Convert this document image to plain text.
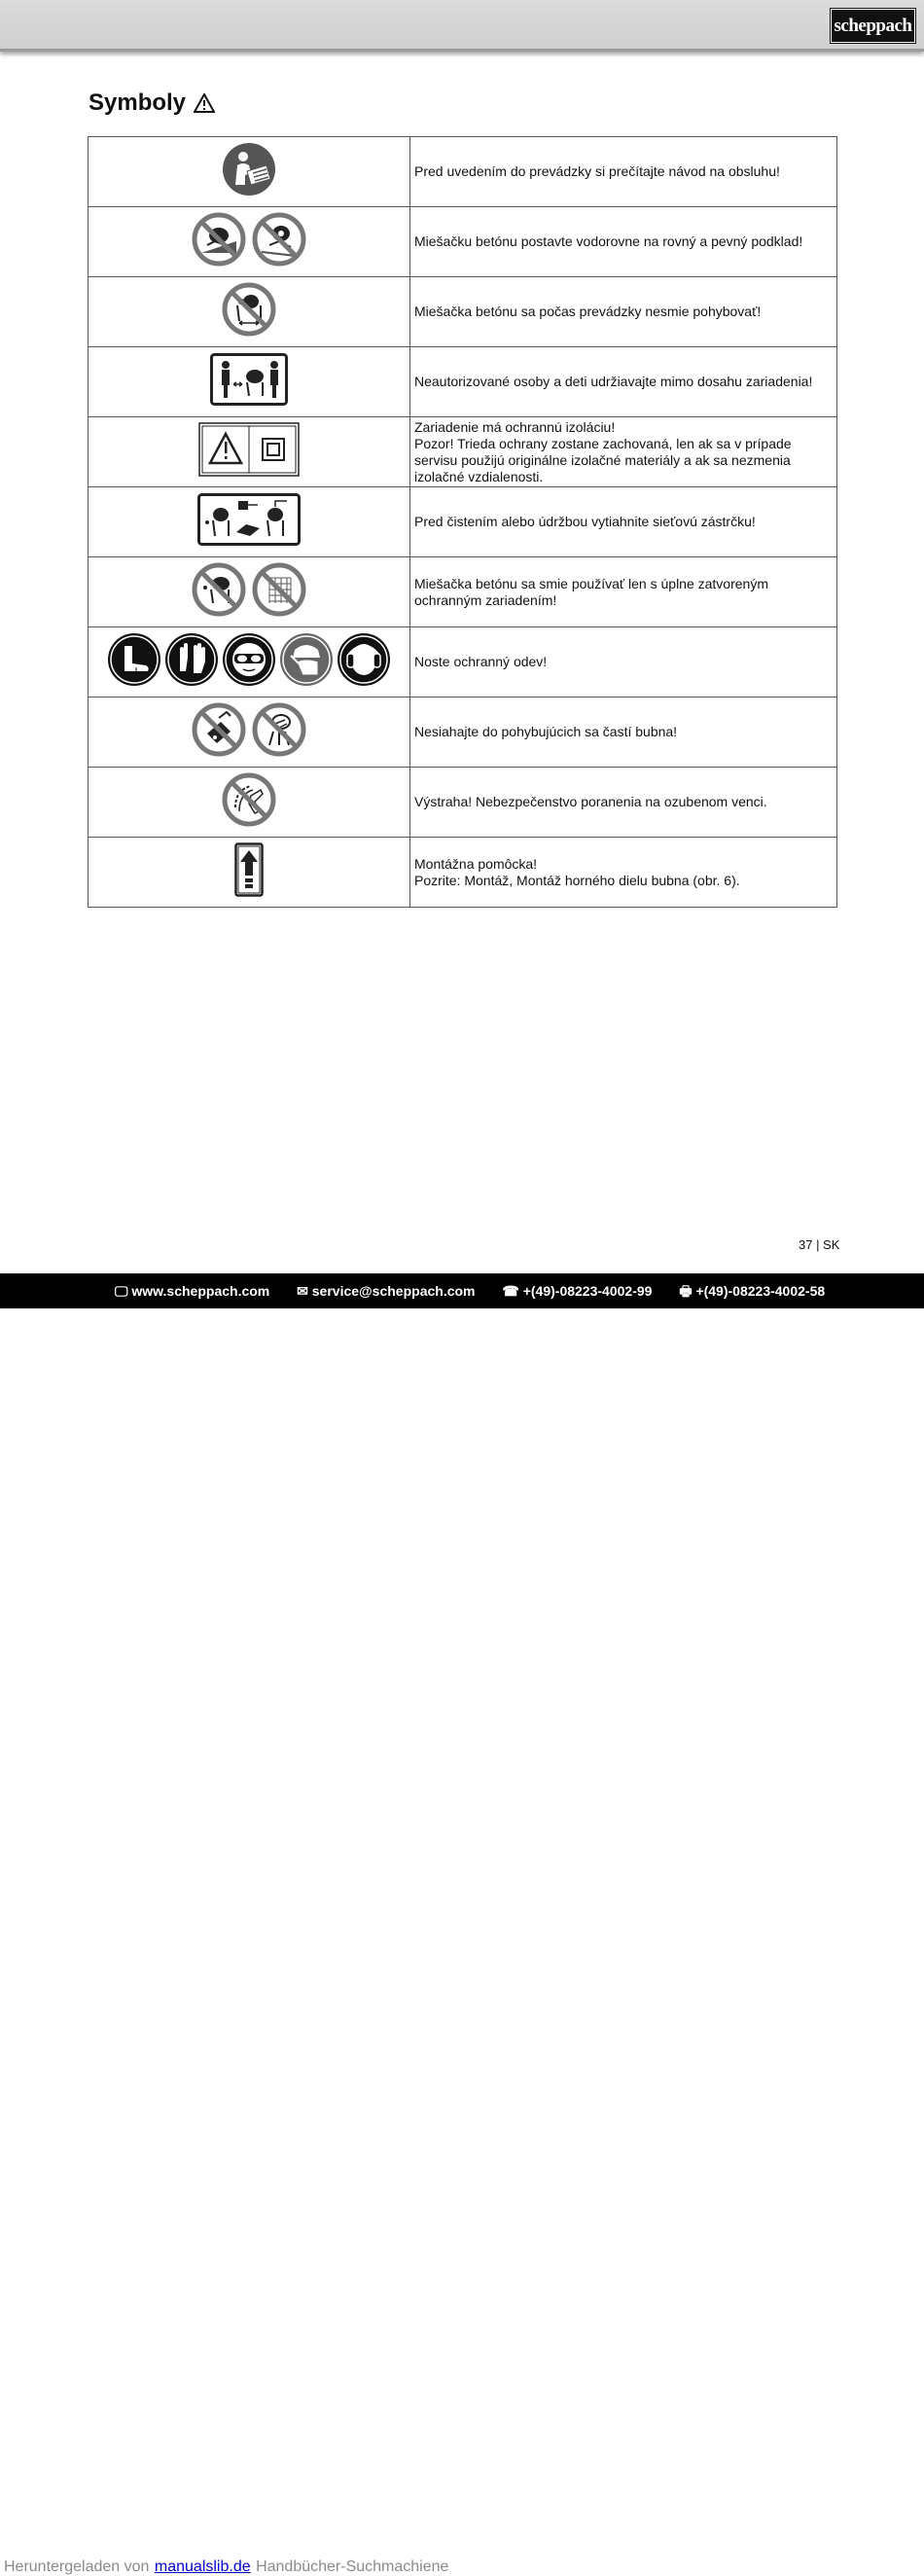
scheppach
Symboly
	Pred uvedením do prevádzky si prečítajte návod na obsluhu!

	Miešačku betónu postavte vodorovne na rovný a pevný podklad!

	Miešačka betónu sa počas prevádzky nesmie pohybovať!

	Neautorizované osoby a deti udržiavajte mimo dosahu zariadenia!

Zariadenie má ochrannú izoláciu!
Pozor! Trieda ochrany zostane zachovaná, len ak sa v prípade servisu použijú originálne izolačné materiály a ak sa nezmenia izolačné vzdialenosti.

	Pred čistením alebo údržbou vytiahnite sieťovú zástrčku!

Miešačka betónu sa smie používať len s úplne zatvoreným ochranným zariadením!

	Noste ochranný odev!

	Nesiahajte do pohybujúcich sa častí bubna!

	Výstraha! Nebezpečenstvo poranenia na ozubenom venci.

Montážna pomôcka!
Pozrite: Montáž, Montáž horného dielu bubna (obr. 6).
37 | SK
🖵 www.scheppach.com ✉ service@scheppach.com ☎ +(49)-08223-4002-99 🖶 +(49)-08223-4002-58
Heruntergeladen von manualslib.de Handbücher-Suchmachiene
